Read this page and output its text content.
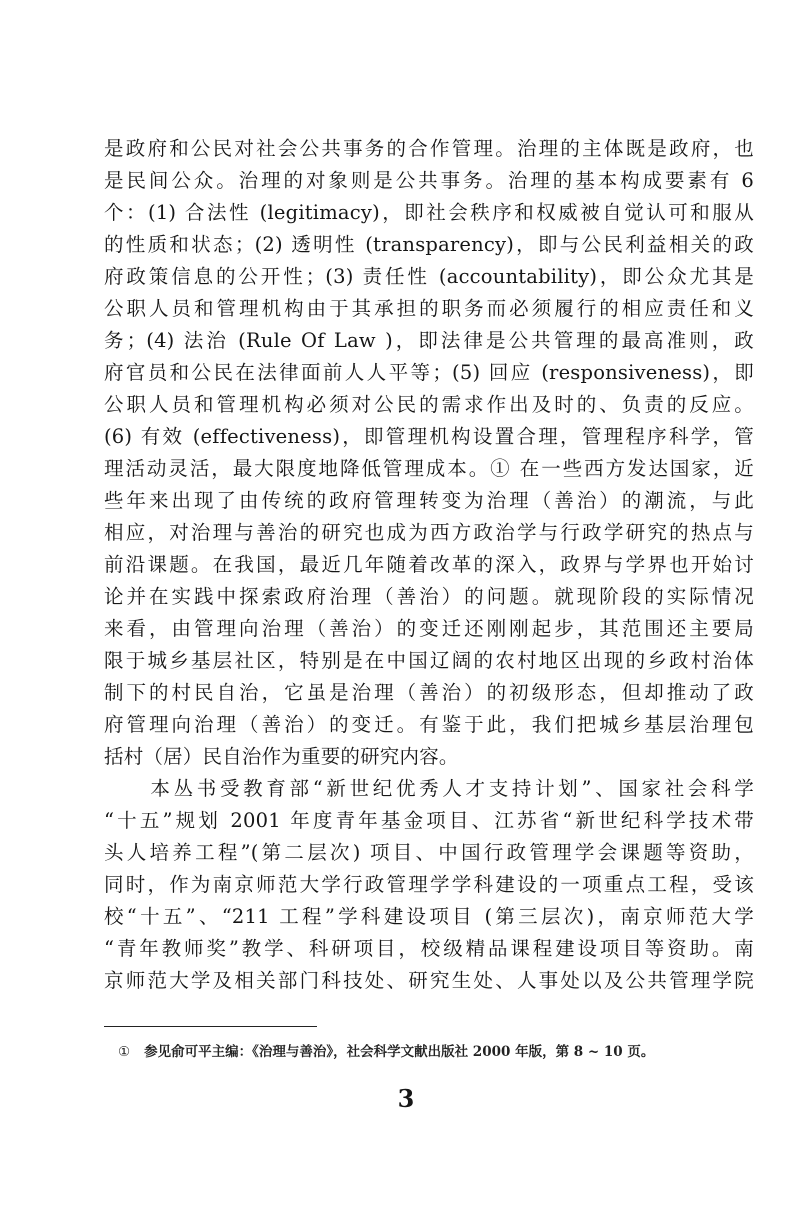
是政府和公民对社会公共事务的合作管理。治理的主体既是政府，也
是民间公众。治理的对象则是公共事务。治理的基本构成要素有 6
个：(1) 合法性 (legitimacy)，即社会秩序和权威被自觉认可和服从
的性质和状态；(2) 透明性 (transparency)，即与公民利益相关的政
府政策信息的公开性；(3) 责任性 (accountability)，即公众尤其是
公职人员和管理机构由于其承担的职务而必须履行的相应责任和义
务；(4) 法治 (Rule Of Law )，即法律是公共管理的最高准则，政
府官员和公民在法律面前人人平等；(5) 回应 (responsiveness)，即
公职人员和管理机构必须对公民的需求作出及时的、负责的反应。
(6) 有效 (effectiveness)，即管理机构设置合理，管理程序科学，管
理活动灵活，最大限度地降低管理成本。① 在一些西方发达国家，近
些年来出现了由传统的政府管理转变为治理（善治）的潮流，与此
相应，对治理与善治的研究也成为西方政治学与行政学研究的热点与
前沿课题。在我国，最近几年随着改革的深入，政界与学界也开始讨
论并在实践中探索政府治理（善治）的问题。就现阶段的实际情况
来看，由管理向治理（善治）的变迁还刚刚起步，其范围还主要局
限于城乡基层社区，特别是在中国辽阔的农村地区出现的乡政村治体
制下的村民自治，它虽是治理（善治）的初级形态，但却推动了政
府管理向治理（善治）的变迁。有鉴于此，我们把城乡基层治理包
括村（居）民自治作为重要的研究内容。
　　本丛书受教育部“新世纪优秀人才支持计划”、国家社会科学
“十五”规划 2001 年度青年基金项目、江苏省“新世纪科学技术带
头人培养工程”(第二层次) 项目、中国行政管理学会课题等资助，
同时，作为南京师范大学行政管理学学科建设的一项重点工程，受该
校“十五”、“211 工程”学科建设项目 (第三层次)，南京师范大学
“青年教师奖”教学、科研项目，校级精品课程建设项目等资助。南
京师范大学及相关部门科技处、研究生处、人事处以及公共管理学院
① 参见俞可平主编：《治理与善治》，社会科学文献出版社 2000 年版，第 8 ~ 10 页。
3
